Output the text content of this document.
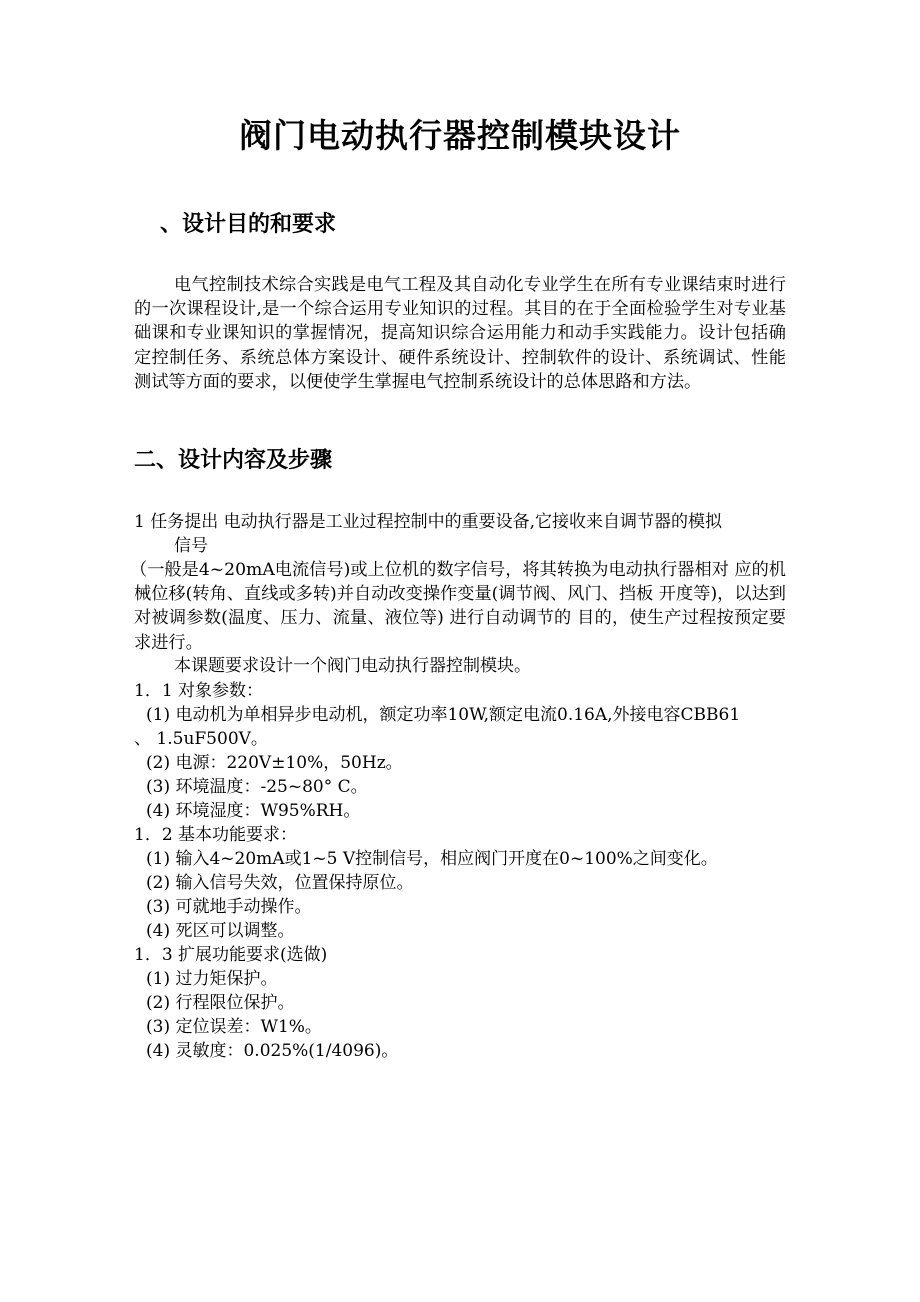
阀门电动执行器控制模块设计
、设计目的和要求

电气控制技术综合实践是电气工程及其自动化专业学生在所有专业课结束时进行的一次课程设计,是一个综合运用专业知识的过程。其目的在于全面检验学生对专业基础课和专业课知识的掌握情况，提高知识综合运用能力和动手实践能力。设计包括确定控制任务、系统总体方案设计、硬件系统设计、控制软件的设计、系统调试、性能测试等方面的要求，以便使学生掌握电气控制系统设计的总体思路和方法。

二、设计内容及步骤
1 任务提出 电动执行器是工业过程控制中的重要设备,它接收来自调节器的模拟
信号

（一般是4~20mA电流信号)或上位机的数字信号，将其转换为电动执行器相对 应的机械位移(转角、直线或多转)并自动改变操作变量(调节阀、风门、挡板 开度等)，以达到对被调参数(温度、压力、流量、液位等) 进行自动调节的 目的，使生产过程按预定要求进行。

本课题要求设计一个阀门电动执行器控制模块。
1．1 对象参数：
(1) 电动机为单相异步电动机，额定功率10W,额定电流0.16A,外接电容CBB61
、 1.5uF500V。
(2) 电源：220V±10%，50Hz。
(3) 环境温度：-25~80° C。
(4) 环境湿度：W95%RH。
1．2 基本功能要求：
(1) 输入4~20mA或1~5 V控制信号，相应阀门开度在0~100%之间变化。
(2) 输入信号失效，位置保持原位。
(3) 可就地手动操作。
(4) 死区可以调整。
1．3 扩展功能要求(选做)
(1) 过力矩保护。
(2) 行程限位保护。
(3) 定位误差：W1%。
(4) 灵敏度：0.025%(1/4096)。
